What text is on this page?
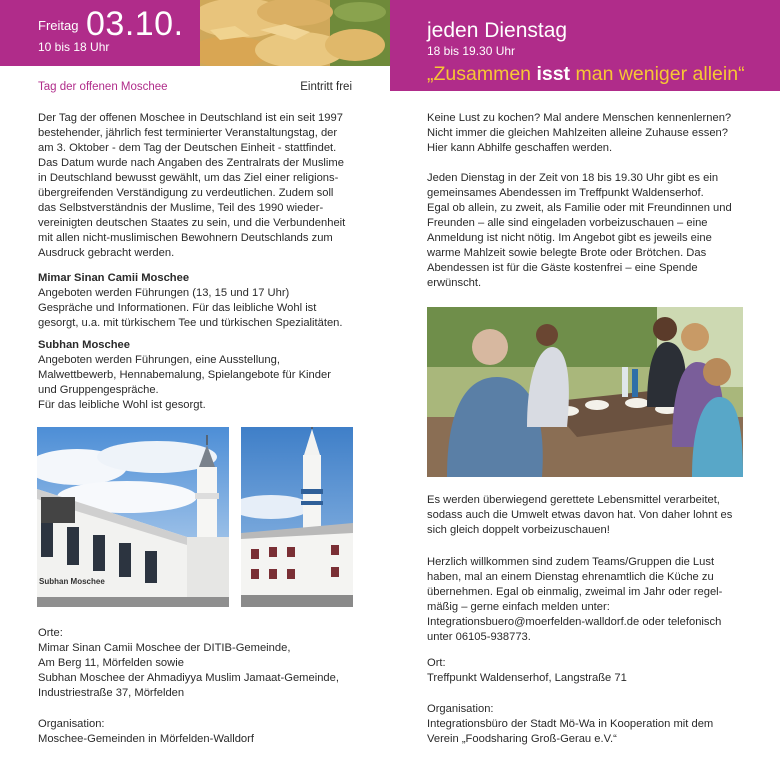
Freitag 03.10.
10 bis 18 Uhr
jeden Dienstag
18 bis 19.30 Uhr
„Zusammen isst man weniger allein“
Tag der offenen Moschee	Eintritt frei

Der Tag der offenen Moschee in Deutschland ist ein seit 1997

bestehender, jährlich fest terminierter Veranstaltungstag, der

am 3. Oktober - dem Tag der Deutschen Einheit - stattfindet.

Das Datum wurde nach Angaben des Zentralrats der Muslime

in Deutschland bewusst gewählt, um das Ziel einer religions-

übergreifenden Verständigung zu verdeutlichen. Zudem soll

das Selbstverständnis der Muslime, Teil des 1990 wieder-

vereinigten deutschen Staates zu sein, und die Verbundenheit

mit allen nicht-muslimischen Bewohnern Deutschlands zum

Ausdruck gebracht werden.

Mimar Sinan Camii Moschee

Angeboten werden Führungen (13, 15 und 17 Uhr)

Gespräche und Informationen. Für das leibliche Wohl ist

gesorgt, u.a. mit türkischem Tee und türkischen Spezialitäten.

Subhan Moschee

Angeboten werden Führungen, eine Ausstellung,

Malwettbewerb, Hennabemalung, Spielangebote für Kinder

und Gruppengespräche.

Für das leibliche Wohl ist gesorgt.

Subhan Moschee

Orte:

Mimar Sinan Camii Moschee der DITIB-Gemeinde,

Am Berg 11, Mörfelden sowie

Subhan Moschee der Ahmadiyya Muslim Jamaat-Gemeinde,

Industriestraße 37, Mörfelden

Organisation:

Moschee-Gemeinden in Mörfelden-Walldorf

Keine Lust zu kochen? Mal andere Menschen kennenlernen?

Nicht immer die gleichen Mahlzeiten alleine Zuhause essen?

Hier kann Abhilfe geschaffen werden.

Jeden Dienstag in der Zeit von 18 bis 19.30 Uhr gibt es ein

gemeinsames Abendessen im Treffpunkt Waldenserhof.

Egal ob allein, zu zweit, als Familie oder mit Freundinnen und

Freunden – alle sind eingeladen vorbeizuschauen – eine

Anmeldung ist nicht nötig. Im Angebot gibt es jeweils eine

warme Mahlzeit sowie belegte Brote oder Brötchen. Das

Abendessen ist für die Gäste kostenfrei – eine Spende

erwünscht.

Es werden überwiegend gerettete Lebensmittel verarbeitet,

sodass auch die Umwelt etwas davon hat. Von daher lohnt es

sich gleich doppelt vorbeizuschauen!

Herzlich willkommen sind zudem Teams/Gruppen die Lust

haben, mal an einem Dienstag ehrenamtlich die Küche zu

übernehmen. Egal ob einmalig, zweimal im Jahr oder regel-

mäßig – gerne einfach melden unter:

Integrationsbuero@moerfelden-walldorf.de oder telefonisch

unter 06105-938773.

Ort:

Treffpunkt Waldenserhof, Langstraße 71

Organisation:

Integrationsbüro der Stadt Mö-Wa in Kooperation mit dem

Verein „Foodsharing Groß-Gerau e.V.“
